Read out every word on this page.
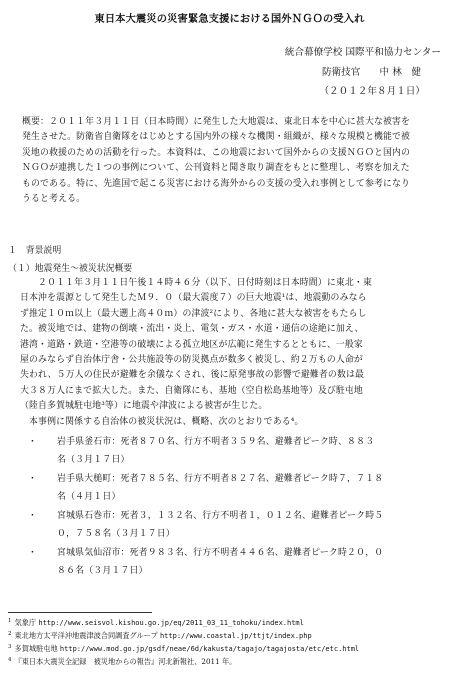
東日本大震災の災害緊急支援における国外ＮＧＯの受入れ
統合幕僚学校 国際平和協力センター
防衛技官　　中 林　健
（２０１２年８月１日）
概要：２０１１年３月１１日（日本時間）に発生した大地震は、東北日本を中心に甚大な被害を
発生させた。防衛省自衛隊をはじめとする国内外の様々な機関・組織が、様々な規模と機能で被
災地の救援のための活動を行った。本資料は、この地震において国外からの支援ＮＧＯと国内の
ＮＧＯが連携した１つの事例について、公刊資料と聞き取り調査をもとに整理し、考察を加えた
ものである。特に、先進国で起こる災害における海外からの支援の受入れ事例として参考になり
うると考える。
１　背景説明
（１）地震発生～被災状況概要
　　２０１１年３月１１日午後１４時４６分（以下、日付時刻は日本時間）に東北・東
日本沖を震源として発生したＭ９．０（最大震度７）の巨大地震¹は、地震動のみなら
ず推定１０ｍ以上（最大遡上高４０ｍ）の津波²により、各地に甚大な被害をもたらし
た。被災地では、建物の倒壊・流出・炎上、電気・ガス・水道・通信の途絶に加え、
港湾・道路・鉄道・空港等の破壊による孤立地区が広範に発生するとともに、一般家
屋のみならず自治体庁舎・公共施設等の防災拠点が数多く被災し、約２万もの人命が
失われ、５万人の住民が避難を余儀なくされ、後に原発事故の影響で避難者の数は最
大３８万人にまで拡大した。また、自衛隊にも、基地（空自松島基地等）及び駐屯地
（陸自多賀城駐屯地³等）に地震や津波による被害が生じた。
　本事例に関係する自治体の被災状況は、概略、次のとおりである⁴。
・ 岩手県釜石市：死者８７０名、行方不明者３５９名、避難者ピーク時、８８３
名（３月１７日）
・ 岩手県大槌町：死者７８５名、行方不明者８２７名、避難者ピーク時７，７１８
名（４月１日）
・ 宮城県石巻市：死者３，１３２名、行方不明者１，０１２名、避難者ピーク時５
０，７５８名（３月１７日）
・ 宮城県気仙沼市：死者９８３名、行方不明者４４６名、避難者ピーク時２０，０
８６名（３月１７日）
$^1$ 気象庁 http://www.seisvol.kishou.go.jp/eq/2011_03_11_tohoku/index.html
$^2$ 東北地方太平洋沖地震津波合同調査グループ http://www.coastal.jp/ttjt/index.php
$^3$ 多賀城駐屯地 http://www.mod.go.jp/gsdf/neae/6d/kakusta/tagajo/tagajosta/etc/etc.html
$^4$ 『東日本大震災全記録　被災地からの報告』河北新報社、2011 年。
